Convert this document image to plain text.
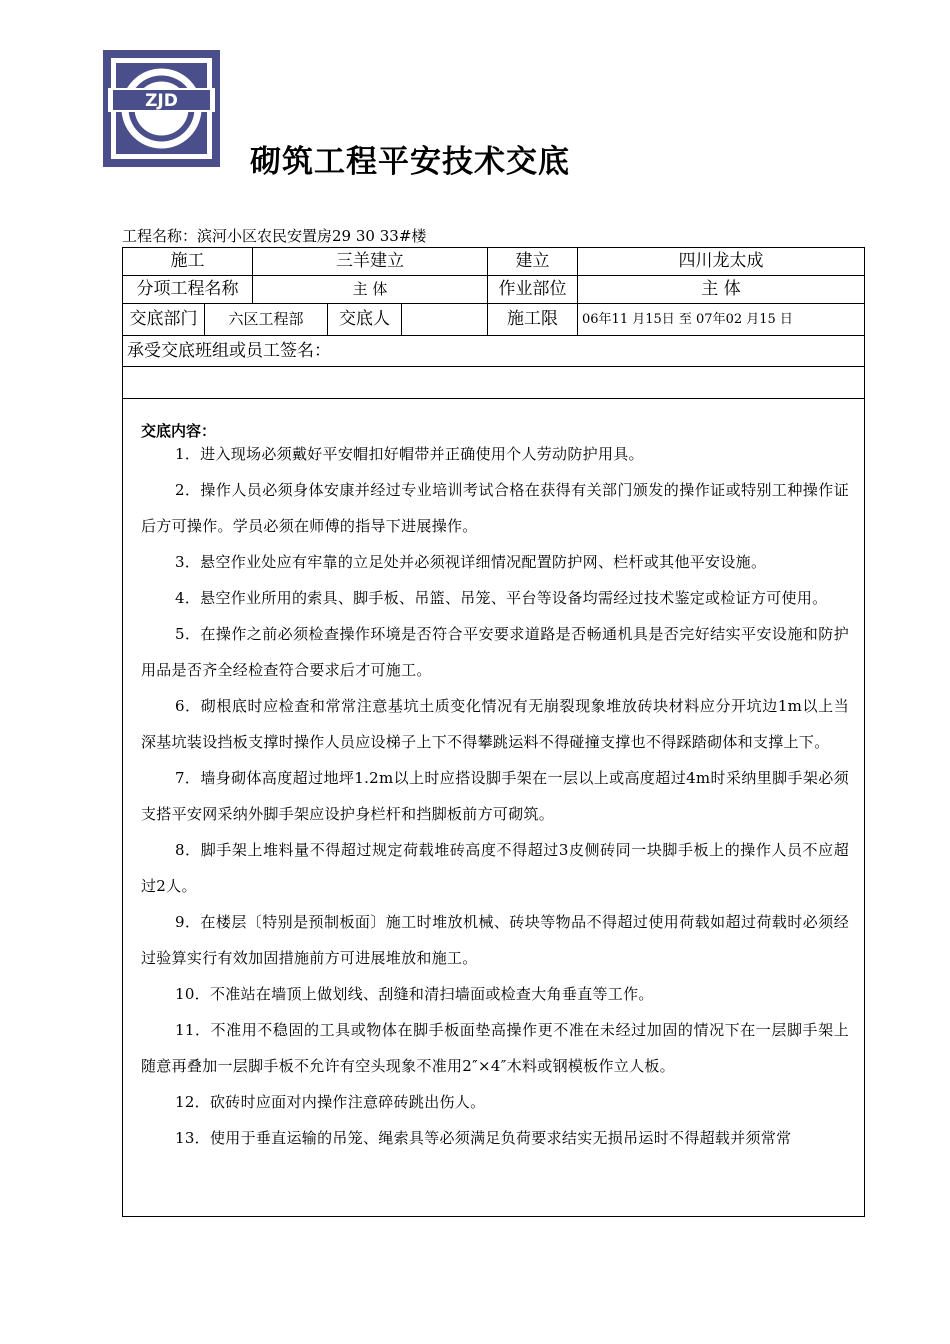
ZJD
砌筑工程平安技术交底
工程名称：滨河小区农民安置房29 30 33#楼
施工		三羊建立			建立	四川龙太成
分项工程名称		主 体			作业部位	主 体
交底部门	六区工程部		交底人		施工限	06年11 月15日 至 07年02 月15 日
承受交底班组或员工签名：						

交底内容：

1．进入现场必须戴好平安帽扣好帽带并正确使用个人劳动防护用具。

2．操作人员必须身体安康并经过专业培训考试合格在获得有关部门颁发的操作证或特别工种操作证后方可操作。学员必须在师傅的指导下进展操作。

3．悬空作业处应有牢靠的立足处并必须视详细情况配置防护网、栏杆或其他平安设施。

4．悬空作业所用的索具、脚手板、吊篮、吊笼、平台等设备均需经过技术鉴定或检证方可使用。

5．在操作之前必须检查操作环境是否符合平安要求道路是否畅通机具是否完好结实平安设施和防护用品是否齐全经检查符合要求后才可施工。

6．砌根底时应检查和常常注意基坑土质变化情况有无崩裂现象堆放砖块材料应分开坑边1m以上当深基坑装设挡板支撑时操作人员应设梯子上下不得攀跳运料不得碰撞支撑也不得踩踏砌体和支撑上下。

7．墙身砌体高度超过地坪1.2m以上时应搭设脚手架在一层以上或高度超过4m时采纳里脚手架必须支搭平安网采纳外脚手架应设护身栏杆和挡脚板前方可砌筑。

8．脚手架上堆料量不得超过规定荷载堆砖高度不得超过3皮侧砖同一块脚手板上的操作人员不应超过2人。

9．在楼层〔特别是预制板面〕施工时堆放机械、砖块等物品不得超过使用荷载如超过荷载时必须经过验算实行有效加固措施前方可进展堆放和施工。

10．不准站在墙顶上做划线、刮缝和清扫墙面或检查大角垂直等工作。

11．不准用不稳固的工具或物体在脚手板面垫高操作更不准在未经过加固的情况下在一层脚手架上随意再叠加一层脚手板不允许有空头现象不准用2″×4″木料或钢模板作立人板。

12．砍砖时应面对内操作注意碎砖跳出伤人。

13．使用于垂直运输的吊笼、绳索具等必须满足负荷要求结实无损吊运时不得超载并须常常
